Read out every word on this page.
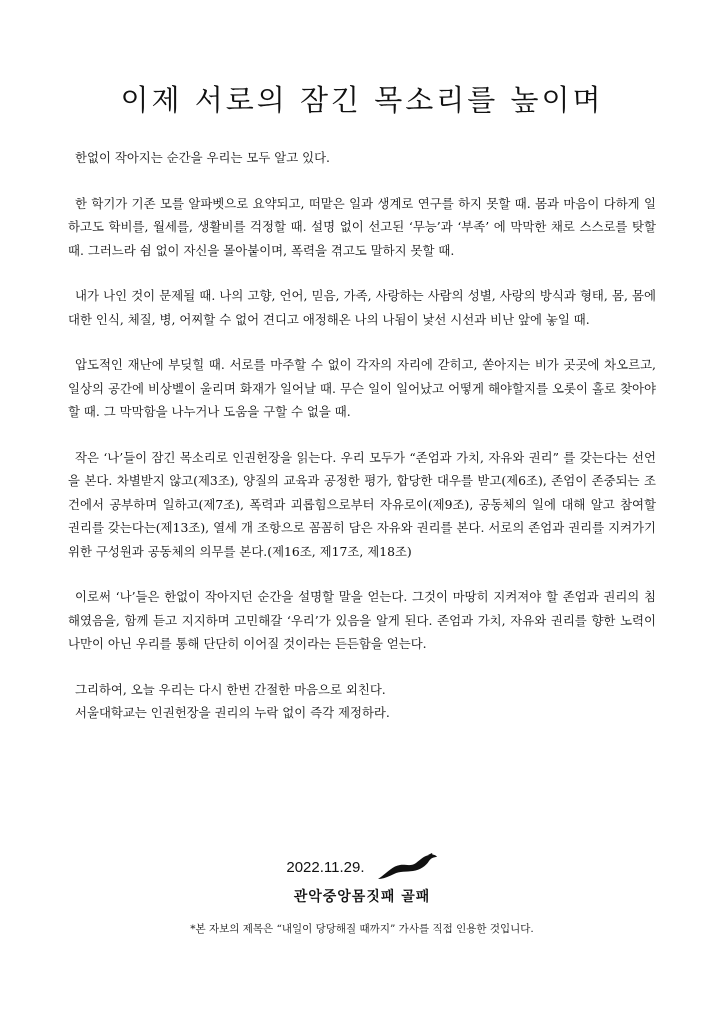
이제 서로의 잠긴 목소리를 높이며

한없이 작아지는 순간을 우리는 모두 알고 있다.

한 학기가 기존 모를 알파벳으로 요약되고, 떠맡은 일과 생계로 연구를 하지 못할 때. 몸과 마음이 다하게 일하고도 학비를, 월세를, 생활비를 걱정할 때. 설명 없이 선고된 ‘무능’과 ‘부족’ 에 막막한 채로 스스로를 탓할 때. 그러느라 쉼 없이 자신을 몰아붙이며, 폭력을 겪고도 말하지 못할 때.

내가 나인 것이 문제될 때. 나의 고향, 언어, 믿음, 가족, 사랑하는 사람의 성별, 사랑의 방식과 형태, 몸, 몸에 대한 인식, 체질, 병, 어찌할 수 없어 견디고 애정해온 나의 나됨이 낯선 시선과 비난 앞에 놓일 때.

압도적인 재난에 부딪힐 때. 서로를 마주할 수 없이 각자의 자리에 갇히고, 쏟아지는 비가 곳곳에 차오르고, 일상의 공간에 비상벨이 울리며 화재가 일어날 때. 무슨 일이 일어났고 어떻게 해야할지를 오롯이 홀로 찾아야 할 때. 그 막막함을 나누거나 도움을 구할 수 없을 때.

작은 ‘나’들이 잠긴 목소리로 인권헌장을 읽는다. 우리 모두가 “존엄과 가치, 자유와 권리” 를 갖는다는 선언을 본다. 차별받지 않고(제3조), 양질의 교육과 공정한 평가, 합당한 대우를 받고(제6조), 존엄이 존중되는 조건에서 공부하며 일하고(제7조), 폭력과 괴롭힘으로부터 자유로이(제9조), 공동체의 일에 대해 알고 참여할 권리를 갖는다는(제13조), 열세 개 조항으로 꼼꼼히 담은 자유와 권리를 본다. 서로의 존엄과 권리를 지켜가기 위한 구성원과 공동체의 의무를 본다.(제16조, 제17조, 제18조)

이로써 ‘나’들은 한없이 작아지던 순간을 설명할 말을 얻는다. 그것이 마땅히 지켜져야 할 존엄과 권리의 침해였음을, 함께 듣고 지지하며 고민해갈 ‘우리’가 있음을 알게 된다. 존엄과 가치, 자유와 권리를 향한 노력이 나만이 아닌 우리를 통해 단단히 이어질 것이라는 든든함을 얻는다.

그리하여, 오늘 우리는 다시 한번 간절한 마음으로 외친다.

서울대학교는 인권헌장을 권리의 누락 없이 즉각 제정하라.

2022.11.29.
관악중앙몸짓패 골패
*본 자보의 제목은 “내일이 당당해질 때까지” 가사를 직접 인용한 것입니다.
